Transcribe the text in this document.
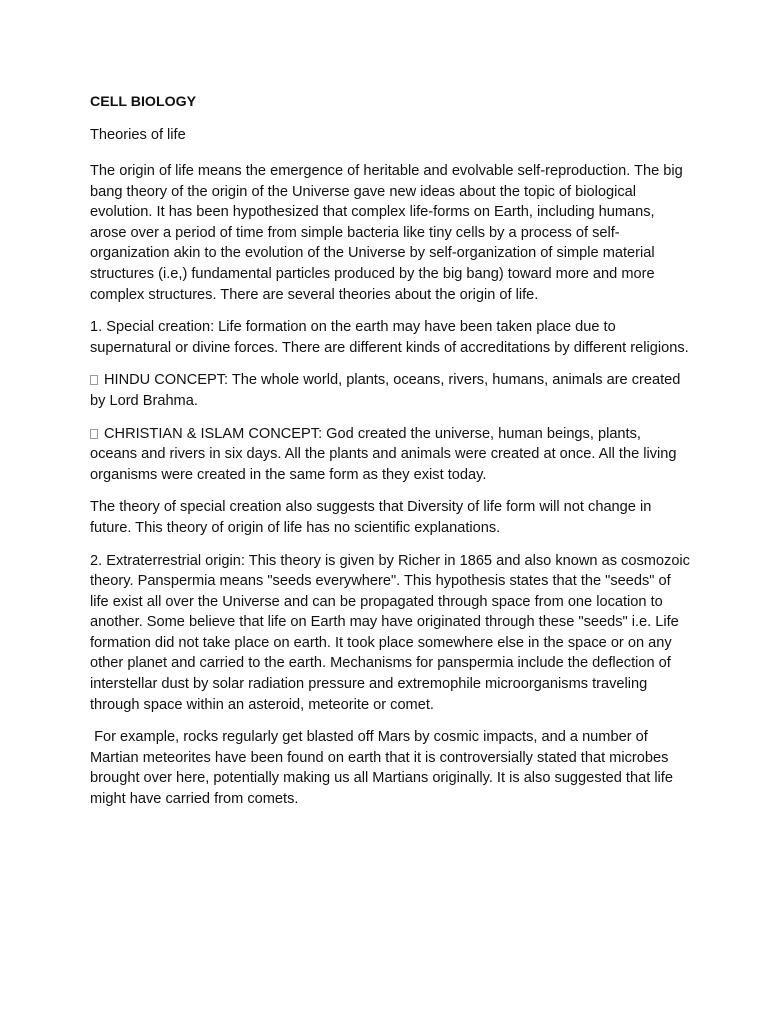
CELL BIOLOGY
Theories of life

The origin of life means the emergence of heritable and evolvable self-reproduction. The big bang theory of the origin of the Universe gave new ideas about the topic of biological evolution. It has been hypothesized that complex life-forms on Earth, including humans, arose over a period of time from simple bacteria like tiny cells by a process of self-organization akin to the evolution of the Universe by self-organization of simple material structures (i.e,) fundamental particles produced by the big bang) toward more and more complex structures. There are several theories about the origin of life.

1. Special creation: Life formation on the earth may have been taken place due to supernatural or divine forces. There are different kinds of accreditations by different religions.

HINDU CONCEPT: The whole world, plants, oceans, rivers, humans, animals are created by Lord Brahma.

CHRISTIAN & ISLAM CONCEPT: God created the universe, human beings, plants, oceans and rivers in six days. All the plants and animals were created at once. All the living organisms were created in the same form as they exist today.

The theory of special creation also suggests that Diversity of life form will not change in future. This theory of origin of life has no scientific explanations.

2. Extraterrestrial origin: This theory is given by Richer in 1865 and also known as cosmozoic theory. Panspermia means "seeds everywhere". This hypothesis states that the "seeds" of life exist all over the Universe and can be propagated through space from one location to another. Some believe that life on Earth may have originated through these "seeds" i.e. Life formation did not take place on earth. It took place somewhere else in the space or on any other planet and carried to the earth. Mechanisms for panspermia include the deflection of interstellar dust by solar radiation pressure and extremophile microorganisms traveling through space within an asteroid, meteorite or comet.

For example, rocks regularly get blasted off Mars by cosmic impacts, and a number of Martian meteorites have been found on earth that it is controversially stated that microbes brought over here, potentially making us all Martians originally. It is also suggested that life might have carried from comets.
